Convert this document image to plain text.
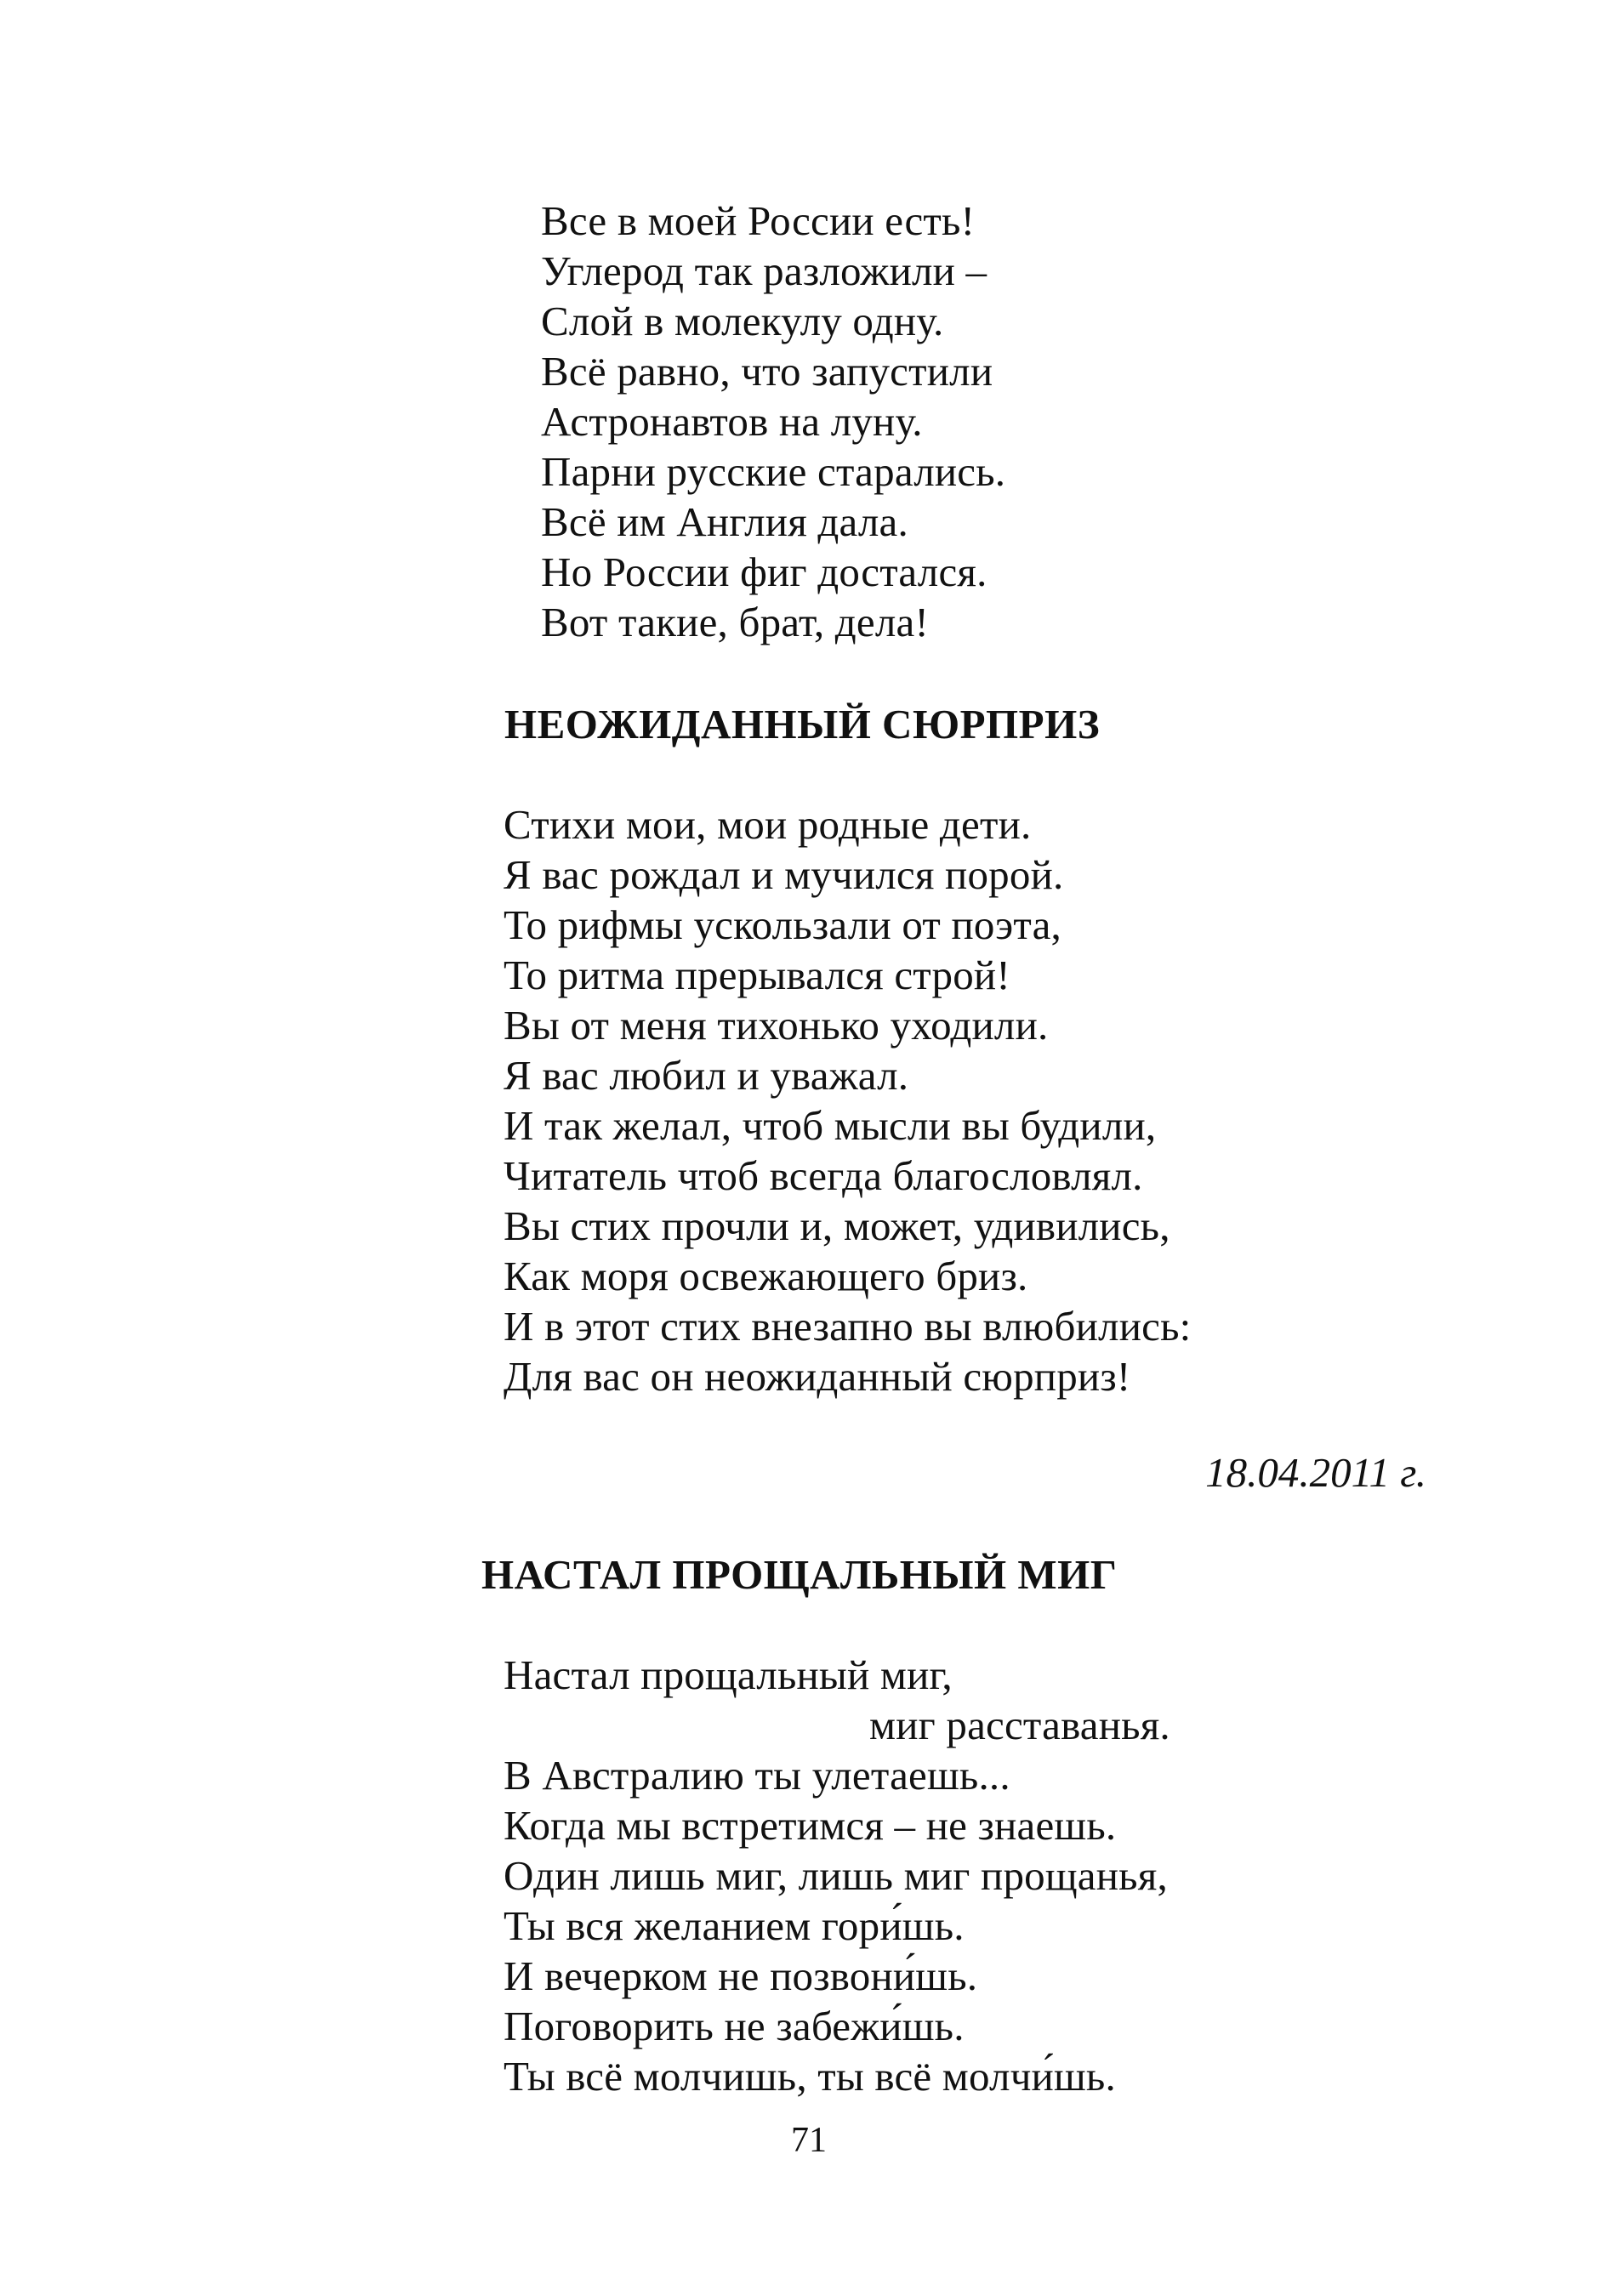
Все в моей России есть!
Углерод так разложили –
Слой в молекулу одну.
Всё равно, что запустили
Астронавтов на луну.
Парни русские старались.
Всё им Англия дала.
Но России фиг достался.
Вот такие, брат, дела!
НЕОЖИДАННЫЙ СЮРПРИЗ
Стихи мои, мои родные дети.
Я вас рождал и мучился порой.
То рифмы ускользали от поэта,
То ритма прерывался строй!
Вы от меня тихонько уходили.
Я вас любил и уважал.
И так желал, чтоб мысли вы будили,
Читатель чтоб всегда благословлял.
Вы стих прочли и, может, удивились,
Как моря освежающего бриз.
И в этот стих внезапно вы влюбились:
Для вас он неожиданный сюрприз!
18.04.2011 г.
НАСТАЛ ПРОЩАЛЬНЫЙ МИГ
Настал прощальный миг,
миг расставанья.
В Австралию ты улетаешь...
Когда мы встретимся – не знаешь.
Один лишь миг, лишь миг прощанья,
Ты вся желанием гори́шь.
И вечерком не позвони́шь.
Поговорить не забежи́шь.
Ты всё молчишь, ты всё молчи́шь.
71
